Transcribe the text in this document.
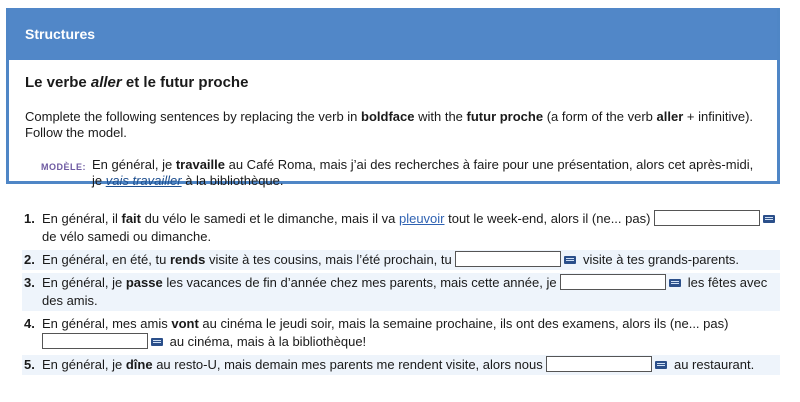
Structures
Le verbe aller et le futur proche
Complete the following sentences by replacing the verb in boldface with the futur proche (a form of the verb aller + infinitive). Follow the model.
MODÈLE: En général, je travaille au Café Roma, mais j’ai des recherches à faire pour une présentation, alors cet après-midi, je vais travailler à la bibliothèque.
1. En général, il fait du vélo le samedi et le dimanche, mais il va pleuvoir tout le week-end, alors il (ne... pas)
de vélo samedi ou dimanche.
2. En général, en été, tu rends visite à tes cousins, mais l’été prochain, tu	visite à tes grands-parents.
3. En général, je passe les vacances de fin d’année chez mes parents, mais cette année, je	les fêtes avec des amis.
4. En général, mes amis vont au cinéma le jeudi soir, mais la semaine prochaine, ils ont des examens, alors ils (ne... pas)
au cinéma, mais à la bibliothèque!
5. En général, je dîne au resto-U, mais demain mes parents me rendent visite, alors nous	au restaurant.
